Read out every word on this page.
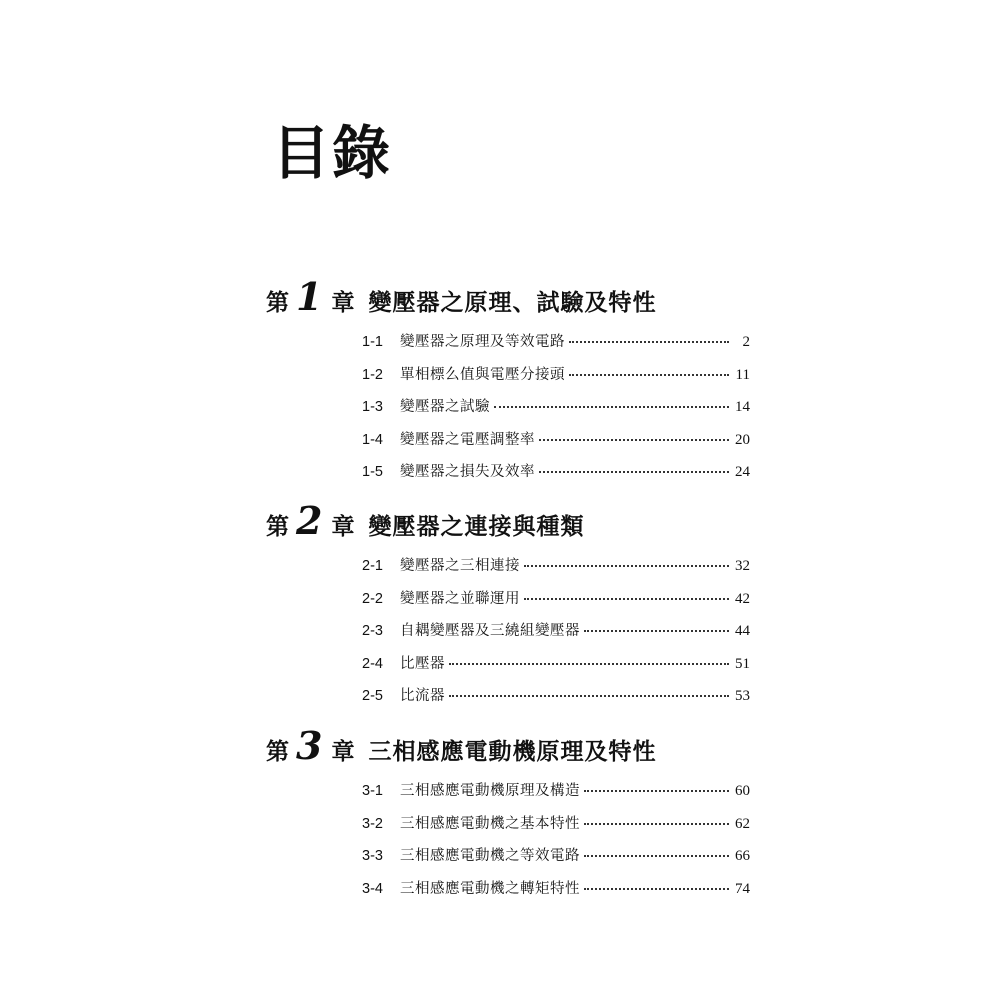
目錄
第 1 章 變壓器之原理、試驗及特性
1-1	變壓器之原理及等效電路	2
1-2	單相標么值與電壓分接頭	11
1-3	變壓器之試驗	14
1-4	變壓器之電壓調整率	20
1-5	變壓器之損失及效率	24
第 2 章 變壓器之連接與種類
2-1	變壓器之三相連接	32
2-2	變壓器之並聯運用	42
2-3	自耦變壓器及三繞組變壓器	44
2-4	比壓器	51
2-5	比流器	53
第 3 章 三相感應電動機原理及特性
3-1	三相感應電動機原理及構造	60
3-2	三相感應電動機之基本特性	62
3-3	三相感應電動機之等效電路	66
3-4	三相感應電動機之轉矩特性	74
